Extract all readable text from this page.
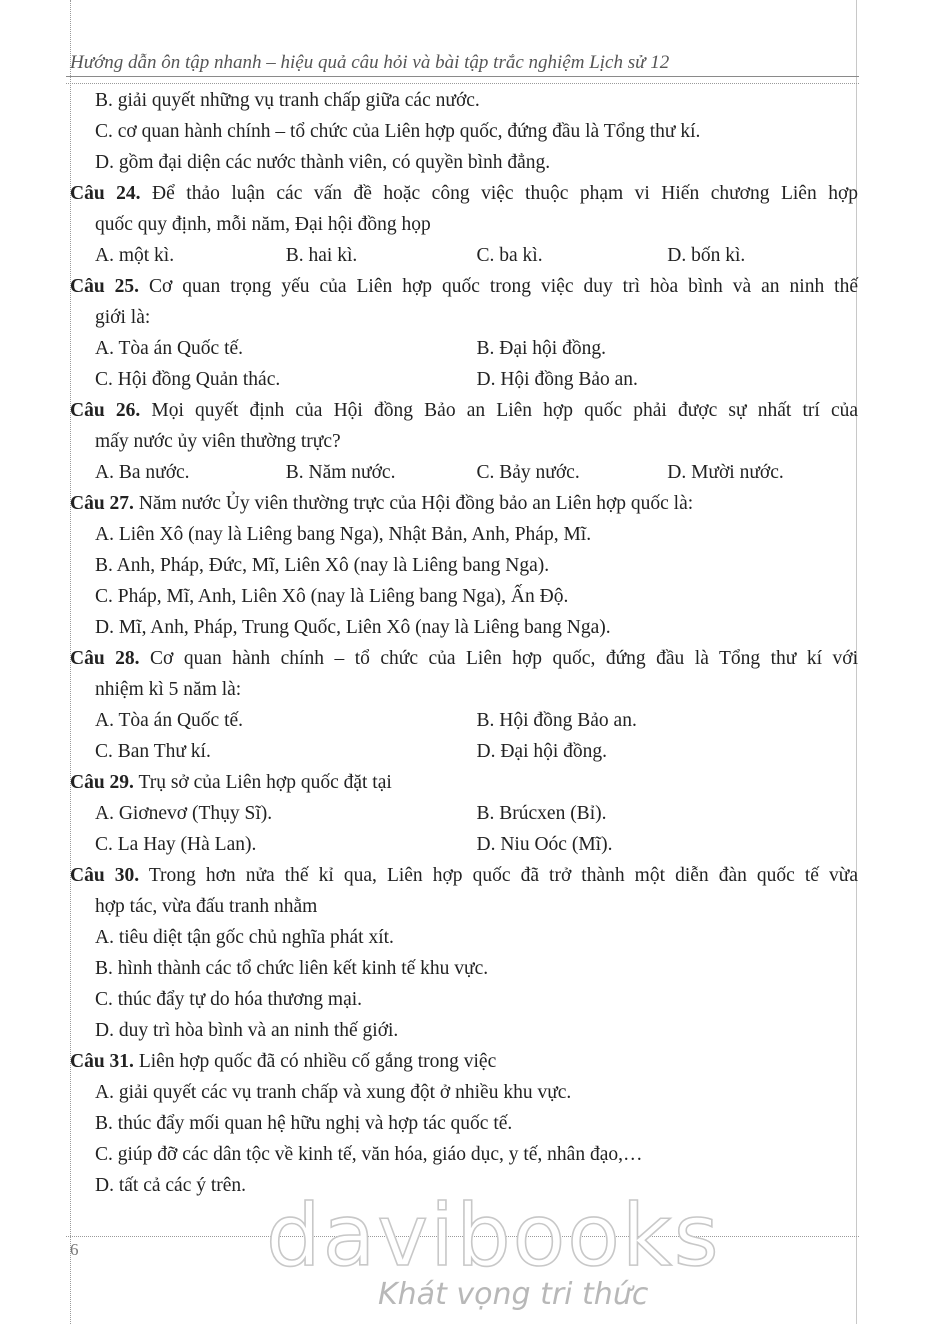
Hướng dẫn ôn tập nhanh – hiệu quả câu hỏi và bài tập trắc nghiệm Lịch sử 12
B. giải quyết những vụ tranh chấp giữa các nước.
C. cơ quan hành chính – tổ chức của Liên hợp quốc, đứng đầu là Tổng thư kí.
D. gồm đại diện các nước thành viên, có quyền bình đẳng.
Câu 24. Để thảo luận các vấn đề hoặc công việc thuộc phạm vi Hiến chương Liên hợp
quốc quy định, mỗi năm, Đại hội đồng họp
A. một kì.	B. hai kì.	C. ba kì.	D. bốn kì.
Câu 25. Cơ quan trọng yếu của Liên hợp quốc trong việc duy trì hòa bình và an ninh thế
giới là:
A. Tòa án Quốc tế.	B. Đại hội đồng.
C. Hội đồng Quản thác.	D. Hội đồng Bảo an.
Câu 26. Mọi quyết định của Hội đồng Bảo an Liên hợp quốc phải được sự nhất trí của
mấy nước ủy viên thường trực?
A. Ba nước.	B. Năm nước.	C. Bảy nước.	D. Mười nước.
Câu 27. Năm nước Ủy viên thường trực của Hội đồng bảo an Liên hợp quốc là:
A. Liên Xô (nay là Liêng bang Nga), Nhật Bản, Anh, Pháp, Mĩ.
B. Anh, Pháp, Đức, Mĩ, Liên Xô (nay là Liêng bang Nga).
C. Pháp, Mĩ, Anh, Liên Xô (nay là Liêng bang Nga), Ấn Độ.
D. Mĩ, Anh, Pháp, Trung Quốc, Liên Xô (nay là Liêng bang Nga).
Câu 28. Cơ quan hành chính – tổ chức của Liên hợp quốc, đứng đầu là Tổng thư kí với
nhiệm kì 5 năm là:
A. Tòa án Quốc tế.	B. Hội đồng Bảo an.
C. Ban Thư kí.	D. Đại hội đồng.
Câu 29. Trụ sở của Liên hợp quốc đặt tại
A. Giơnevơ (Thụy Sĩ).	B. Brúcxen (Bỉ).
C. La Hay (Hà Lan).	D. Niu Oóc (Mĩ).
Câu 30. Trong hơn nửa thế kỉ qua, Liên hợp quốc đã trở thành một diễn đàn quốc tế vừa
hợp tác, vừa đấu tranh nhằm
A. tiêu diệt tận gốc chủ nghĩa phát xít.
B. hình thành các tổ chức liên kết kinh tế khu vực.
C. thúc đẩy tự do hóa thương mại.
D. duy trì hòa bình và an ninh thế giới.
Câu 31. Liên hợp quốc đã có nhiều cố gắng trong việc
A. giải quyết các vụ tranh chấp và xung đột ở nhiều khu vực.
B. thúc đẩy mối quan hệ hữu nghị và hợp tác quốc tế.
C. giúp đỡ các dân tộc về kinh tế, văn hóa, giáo dục, y tế, nhân đạo,…
D. tất cả các ý trên.
6 davibooks
Khát vọng tri thức
